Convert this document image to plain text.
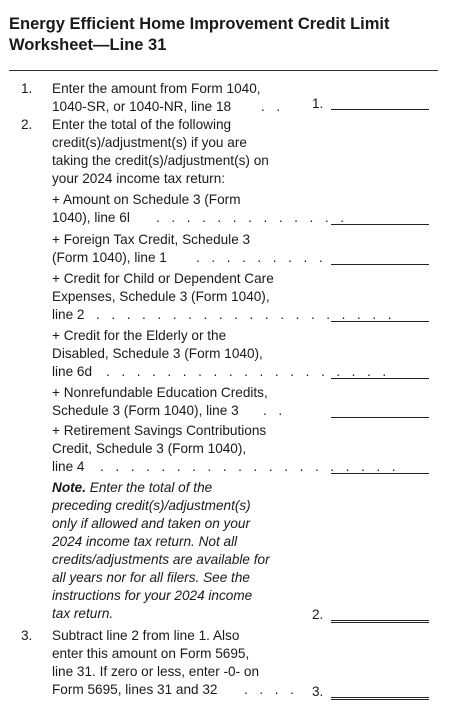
Energy Efficient Home Improvement Credit Limit Worksheet—Line 31
1. Enter the amount from Form 1040,
1040-SR, or 1040-NR, line 18 . . 1.
2. Enter the total of the following
credit(s)/adjustment(s) if you are
taking the credit(s)/adjustment(s) on
your 2024 income tax return:
+ Amount on Schedule 3 (Form
1040), line 6l . . . . . . . . . . . . .
+ Foreign Tax Credit, Schedule 3
(Form 1040), line 1 . . . . . . . . .
+ Credit for Child or Dependent Care
Expenses, Schedule 3 (Form 1040),
line 2 . . . . . . . . . . . . . . . . . . . .
+ Credit for the Elderly or the
Disabled, Schedule 3 (Form 1040),
line 6d . . . . . . . . . . . . . . . . . . .
+ Nonrefundable Education Credits,
Schedule 3 (Form 1040), line 3 . .
+ Retirement Savings Contributions
Credit, Schedule 3 (Form 1040),
line 4 . . . . . . . . . . . . . . . . . . . .
Note. Enter the total of the
preceding credit(s)/adjustment(s)
only if allowed and taken on your
2024 income tax return. Not all
credits/adjustments are available for
all years nor for all filers. See the
instructions for your 2024 income
tax return.	2.
3. Subtract line 2 from line 1. Also
enter this amount on Form 5695,
line 31. If zero or less, enter -0- on
Form 5695, lines 31 and 32 . . . . 3.
